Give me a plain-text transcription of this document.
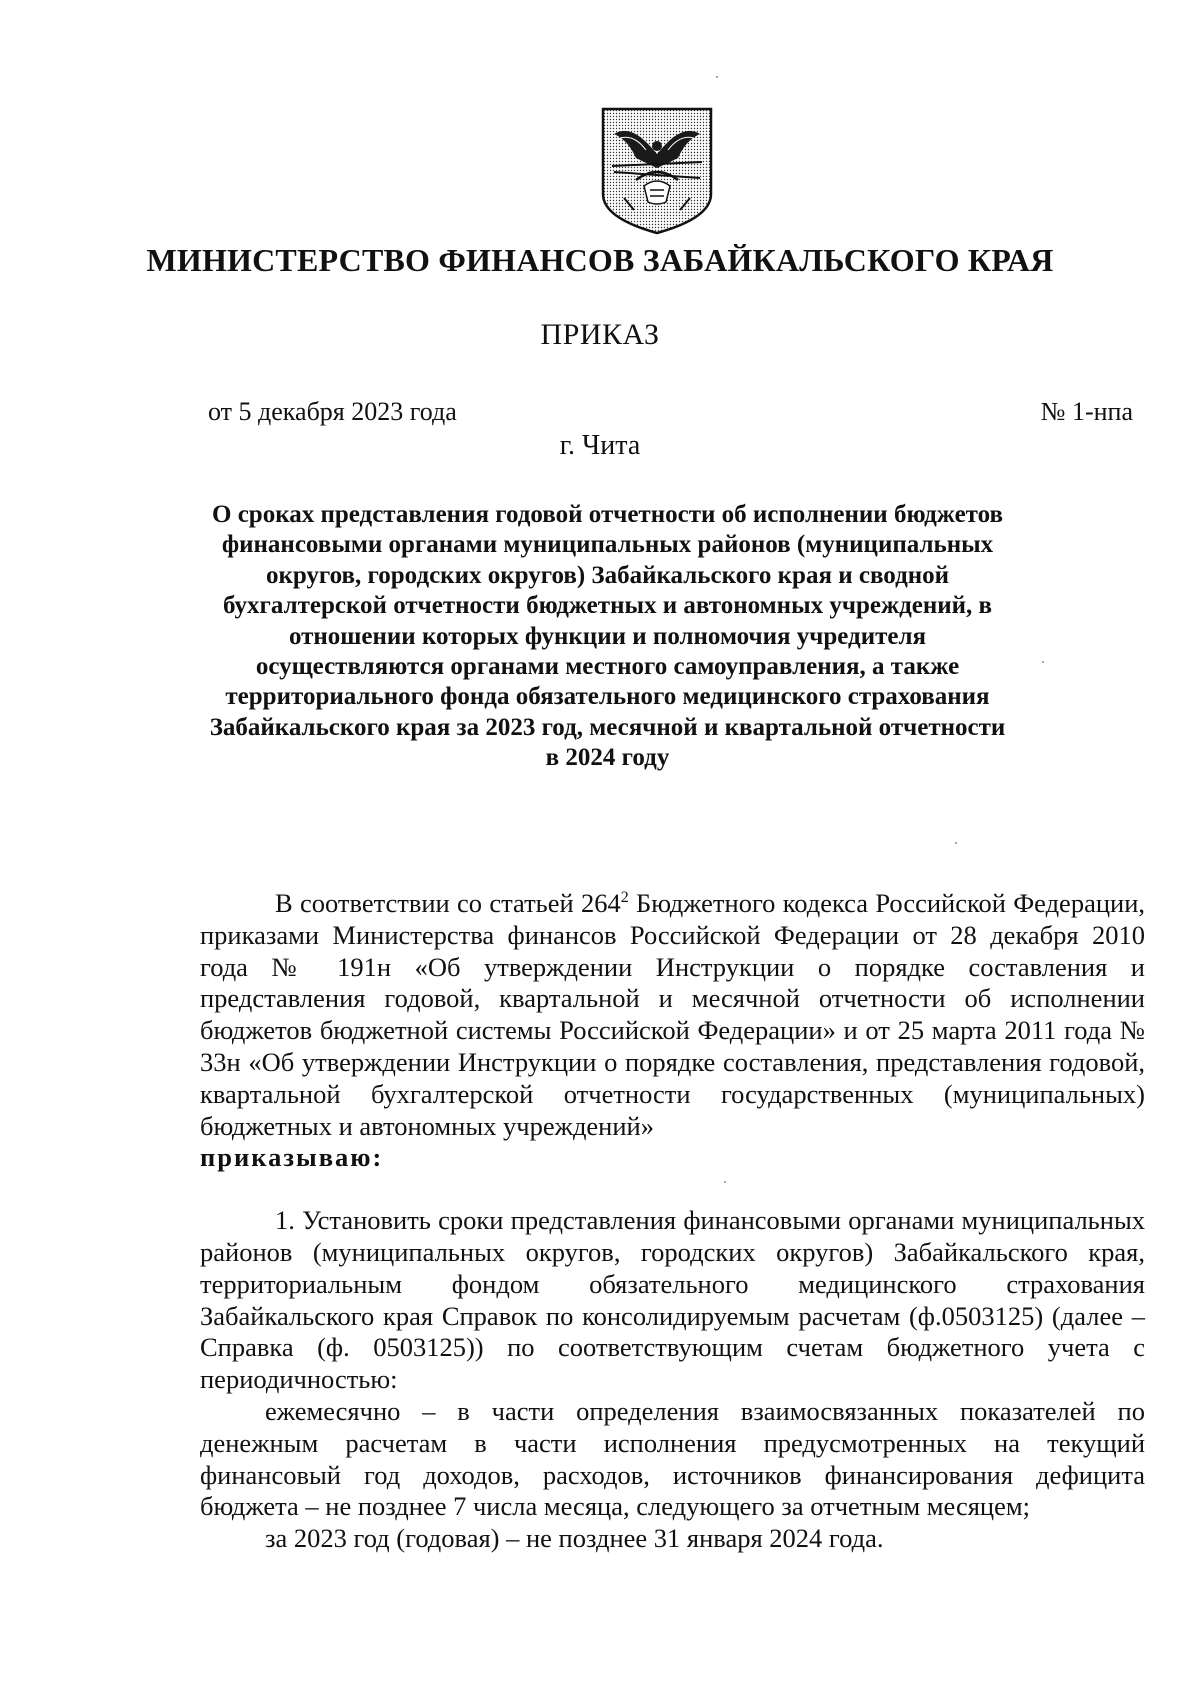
МИНИСТЕРСТВО ФИНАНСОВ ЗАБАЙКАЛЬСКОГО КРАЯ
ПРИКАЗ
от 5 декабря 2023 года	№ 1-нпа
г. Чита
О сроках представления годовой отчетности об исполнении бюджетов
финансовыми органами муниципальных районов (муниципальных
округов, городских округов) Забайкальского края и сводной
бухгалтерской отчетности бюджетных и автономных учреждений, в
отношении которых функции и полномочия учредителя
осуществляются органами местного самоуправления, а также
территориального фонда обязательного медицинского страхования
Забайкальского края за 2023 год, месячной и квартальной отчетности
в 2024 году

В соответствии со статьей $264^2$ Бюджетного кодекса Российской Федерации, приказами Министерства финансов Российской Федерации от 28 декабря 2010 года № 191н «Об утверждении Инструкции о порядке составления и представления годовой, квартальной и месячной отчетности об исполнении бюджетов бюджетной системы Российской Федерации» и от 25 марта 2011 года № 33н «Об утверждении Инструкции о порядке составления, представления годовой, квартальной бухгалтерской отчетности государственных (муниципальных) бюджетных и автономных учреждений»
приказываю:

1. Установить сроки представления финансовыми органами муниципальных районов (муниципальных округов, городских округов) Забайкальского края, территориальным фондом обязательного медицинского страхования Забайкальского края Справок по консолидируемым расчетам (ф.0503125) (далее – Справка (ф. 0503125)) по соответствующим счетам бюджетного учета с периодичностью:

ежемесячно – в части определения взаимосвязанных показателей по денежным расчетам в части исполнения предусмотренных на текущий финансовый год доходов, расходов, источников финансирования дефицита бюджета – не позднее 7 числа месяца, следующего за отчетным месяцем;

за 2023 год (годовая) – не позднее 31 января 2024 года.
